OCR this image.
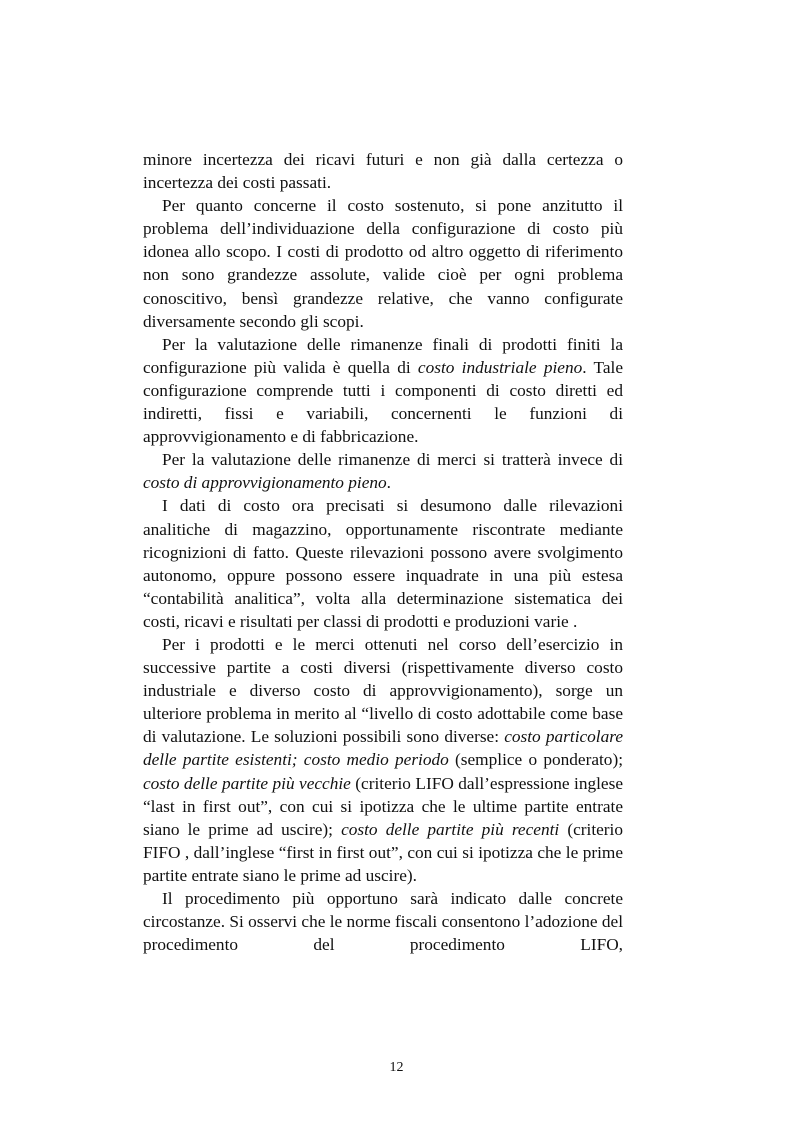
minore incertezza dei ricavi futuri e non già dalla certezza o incertezza dei costi passati.

Per quanto concerne il costo sostenuto, si pone anzitutto il problema dell’individuazione della configurazione di costo più idonea allo scopo. I costi di prodotto od altro oggetto di riferimento non sono grandezze assolute, valide cioè per ogni problema conoscitivo, bensì grandezze relative, che vanno configurate diversamente secondo gli scopi.

Per la valutazione delle rimanenze finali di prodotti finiti la configurazione più valida è quella di costo industriale pieno. Tale configurazione comprende tutti i componenti di costo diretti ed indiretti, fissi e variabili, concernenti le funzioni di approvvigionamento e di fabbricazione.

Per la valutazione delle rimanenze di merci si tratterà invece di costo di approvvigionamento pieno.

I dati di costo ora precisati si desumono dalle rilevazioni analitiche di magazzino, opportunamente riscontrate mediante ricognizioni di fatto. Queste rilevazioni possono avere svolgimento autonomo, oppure possono essere inquadrate in una più estesa “contabilità analitica”, volta alla determinazione sistematica dei costi, ricavi e risultati per classi di prodotti e produzioni varie .

Per i prodotti e le merci ottenuti nel corso dell’esercizio in successive partite a costi diversi (rispettivamente diverso costo industriale e diverso costo di approvvigionamento), sorge un ulteriore problema in merito al “livello di costo adottabile come base di valutazione. Le soluzioni possibili sono diverse: costo particolare delle partite esistenti; costo medio periodo (semplice o ponderato); costo delle partite più vecchie (criterio LIFO dall’espressione inglese “last in first out”, con cui si ipotizza che le ultime partite entrate siano le prime ad uscire); costo delle partite più recenti (criterio FIFO , dall’inglese “first in first out”, con cui si ipotizza che le prime partite entrate siano le prime ad uscire).

Il procedimento più opportuno sarà indicato dalle concrete circostanze. Si osservi che le norme fiscali consentono l’adozione del procedimento del procedimento LIFO,

12
